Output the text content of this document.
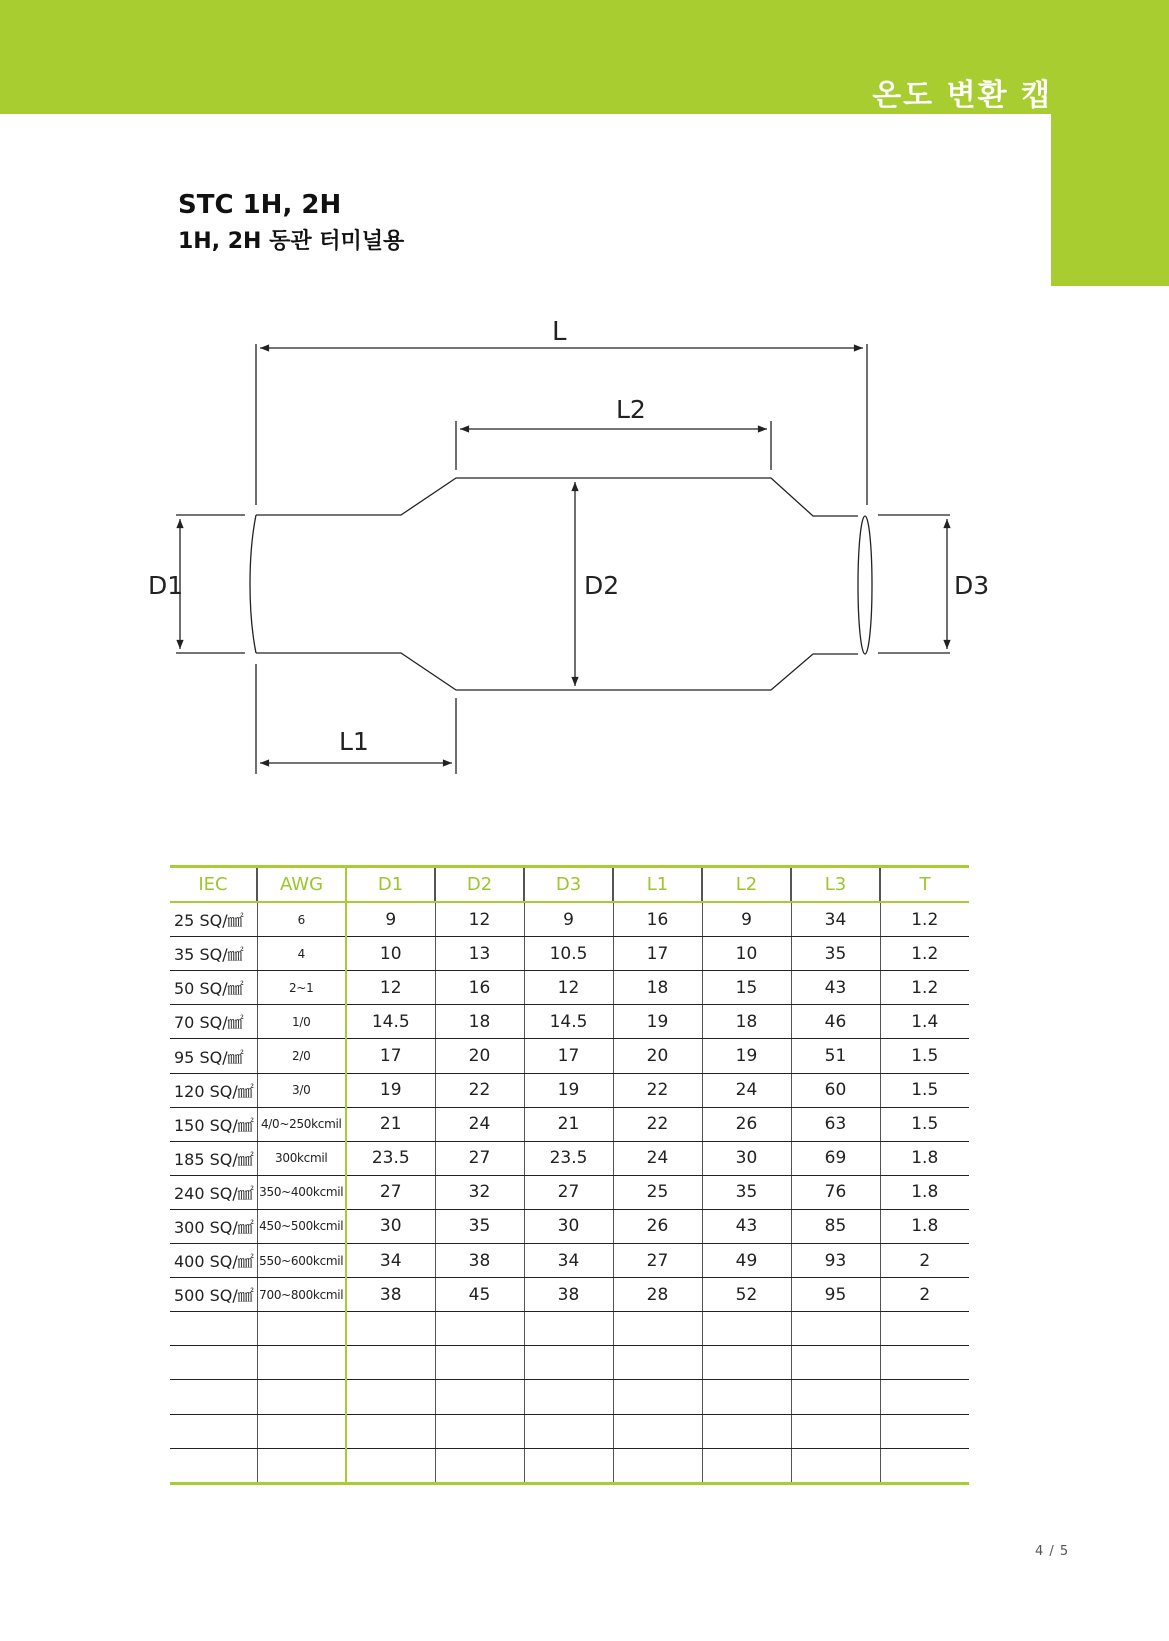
온도 변환 캡
STC 1H, 2H
1H, 2H 동관 터미널용
L
L2
L1
D1	D2	D3
IEC	AWG	D1	D2	D3	L1	L2	L3	T
25 SQ/㎟	6	9	12	9	16	9	34	1.2
35 SQ/㎟	4	10	13	10.5	17	10	35	1.2
50 SQ/㎟	2~1	12	16	12	18	15	43	1.2
70 SQ/㎟	1/0	14.5	18	14.5	19	18	46	1.4
95 SQ/㎟	2/0	17	20	17	20	19	51	1.5
120 SQ/㎟	3/0	19	22	19	22	24	60	1.5
150 SQ/㎟	4/0~250kcmil	21	24	21	22	26	63	1.5
185 SQ/㎟	300kcmil	23.5	27	23.5	24	30	69	1.8
240 SQ/㎟	350~400kcmil	27	32	27	25	35	76	1.8
300 SQ/㎟	450~500kcmil	30	35	30	26	43	85	1.8
400 SQ/㎟	550~600kcmil	34	38	34	27	49	93	2
500 SQ/㎟	700~800kcmil	38	45	38	28	52	95	2

4 / 5
